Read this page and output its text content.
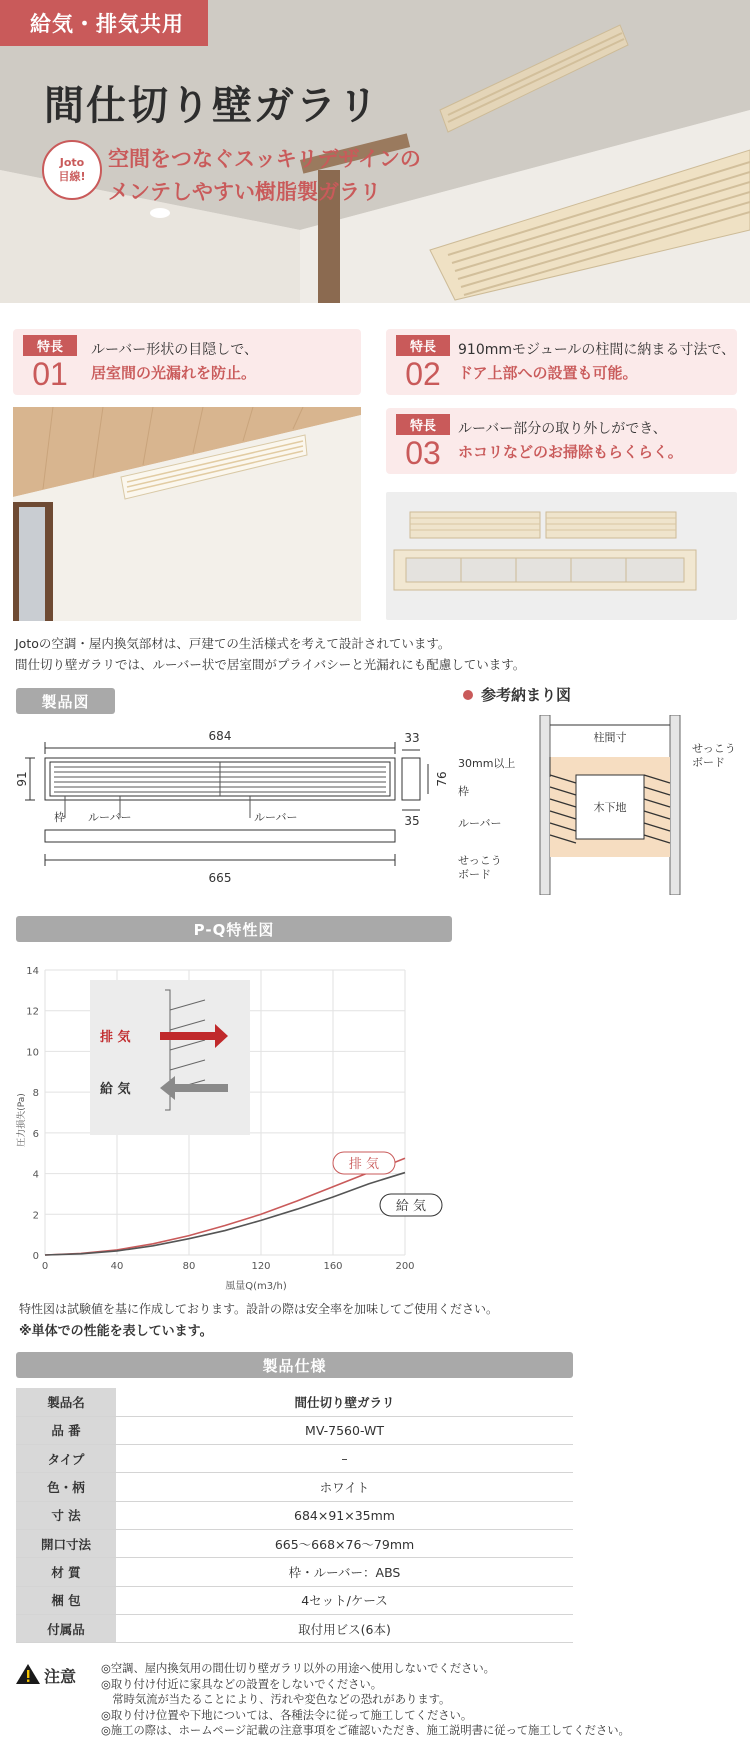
給気・排気共用
間仕切り壁ガラリ
Joto
目線!
空間をつなぐスッキリデザインの
メンテしやすい樹脂製ガラリ
特長
01
ルーバー形状の目隠しで、
居室間の光漏れを防止。
特長
02
910mmモジュールの柱間に納まる寸法で、
ドア上部への設置も可能。
特長
03
ルーバー部分の取り外しができ、
ホコリなどのお掃除もらくらく。
Jotoの空調・屋内換気部材は、戸建ての生活様式を考えて設計されています。
間仕切り壁ガラリでは、ルーバー状で居室間がプライバシーと光漏れにも配慮しています。
製品図	参考納まり図
684
91
33
76
35
枠 ルーバー	ルーバー
665
柱間寸
せっこう
ボード
30mm以上
枠
木下地
ルーバー
せっこう
ボード
P-Q特性図
排 気
給 気
0	40	80	120	160	200
0
2
4
6
8
10
12
14
排 気
給 気
圧力損失(Pa)
風量Q(m3/h)
特性図は試験値を基に作成しております。設計の際は安全率を加味してご使用ください。
※単体での性能を表しています。
製品仕様
製品名	間仕切り壁ガラリ
品 番	MV-7560-WT
タイプ	–
色・柄	ホワイト
寸 法	684×91×35mm
開口寸法	665〜668×76〜79mm
材 質	枠・ルーバー：ABS
梱 包	4セット/ケース
付属品	取付用ビス(6本)
注意 ◎空調、屋内換気用の間仕切り壁ガラリ以外の用途へ使用しないでください。
◎取り付け付近に家具などの設置をしないでください。
　常時気流が当たることにより、汚れや変色などの恐れがあります。
◎取り付け位置や下地については、各種法令に従って施工してください。
◎施工の際は、ホームページ記載の注意事項をご確認いただき、施工説明書に従って施工してください。
